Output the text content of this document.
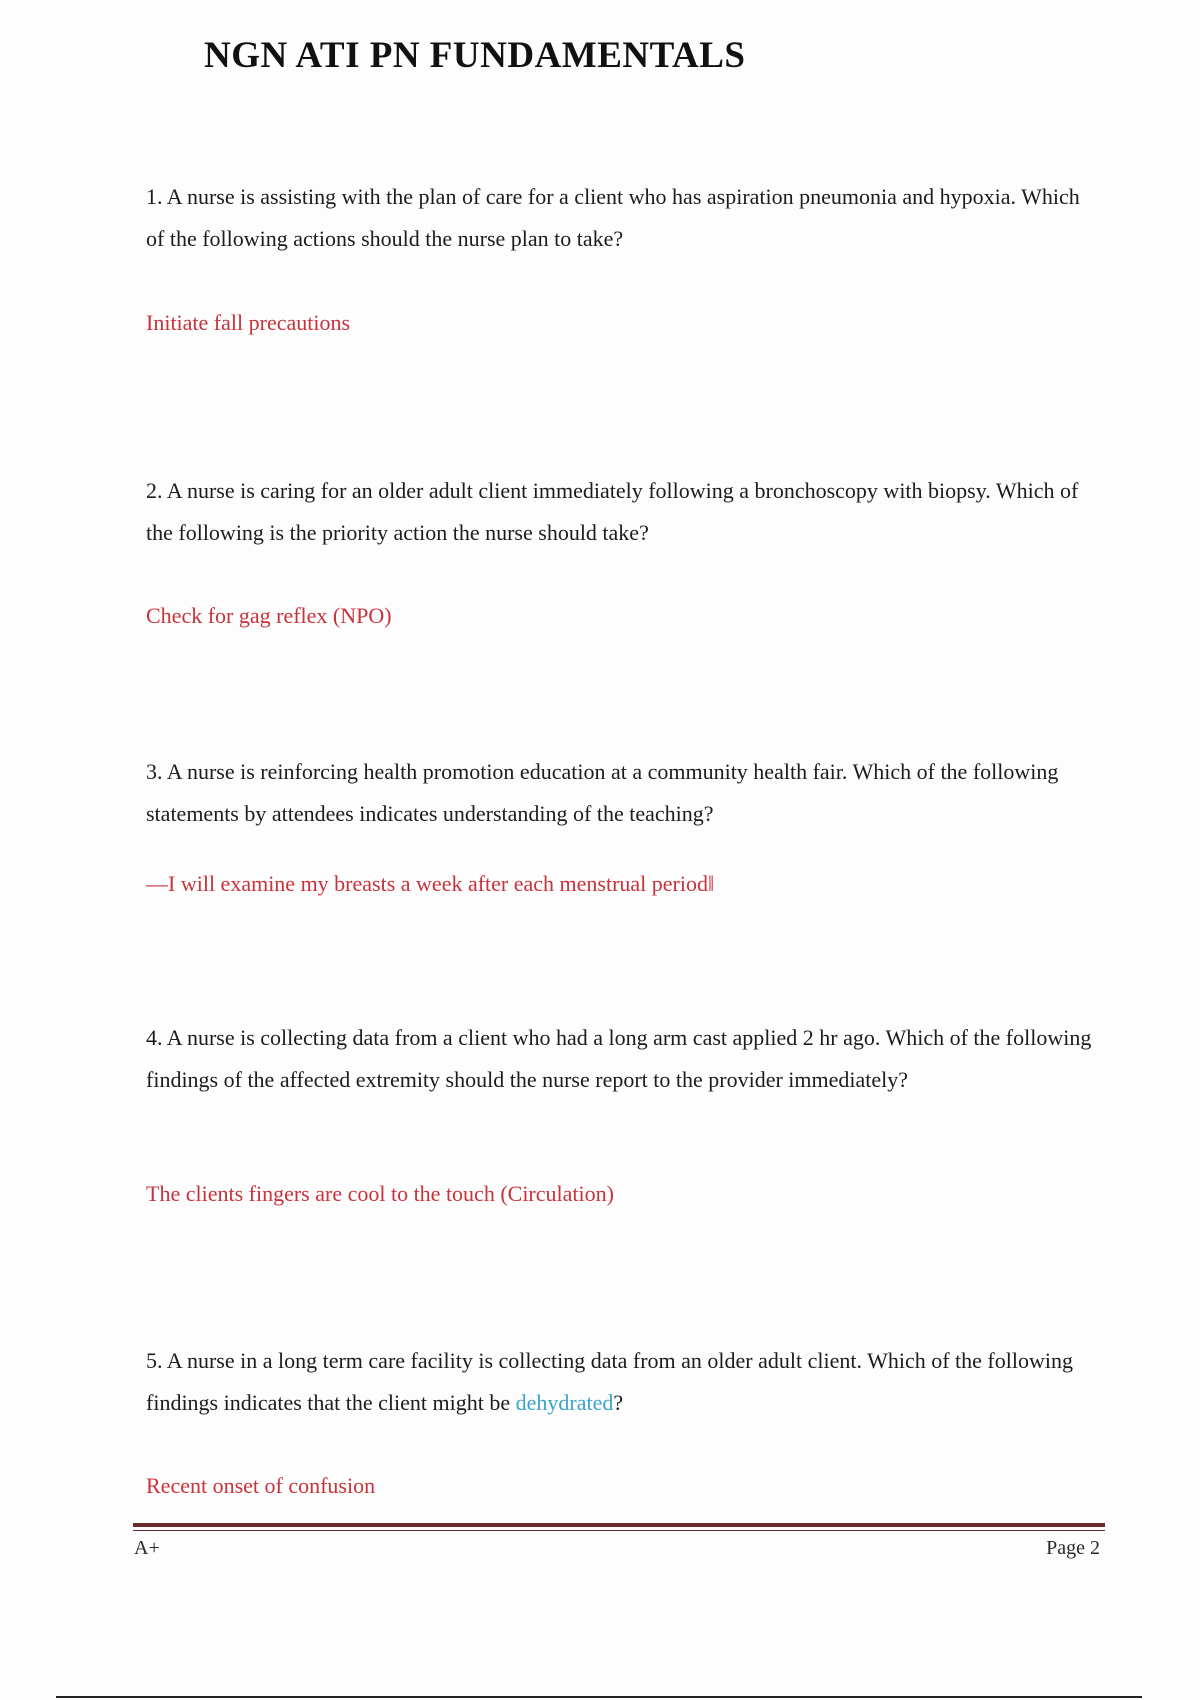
NGN ATI PN FUNDAMENTALS

1. A nurse is assisting with the plan of care for a client who has aspiration pneumonia and hypoxia. Which of the following actions should the nurse plan to take?

Initiate fall precautions

2. A nurse is caring for an older adult client immediately following a bronchoscopy with biopsy. Which of the following is the priority action the nurse should take?

Check for gag reflex (NPO)

3. A nurse is reinforcing health promotion education at a community health fair. Which of the following statements by attendees indicates understanding of the teaching?

—I will examine my breasts a week after each menstrual periodǁ

4. A nurse is collecting data from a client who had a long arm cast applied 2 hr ago. Which of the following findings of the affected extremity should the nurse report to the provider immediately?

The clients fingers are cool to the touch (Circulation)

5. A nurse in a long term care facility is collecting data from an older adult client. Which of the following findings indicates that the client might be dehydrated?

Recent onset of confusion

A+	Page 2
